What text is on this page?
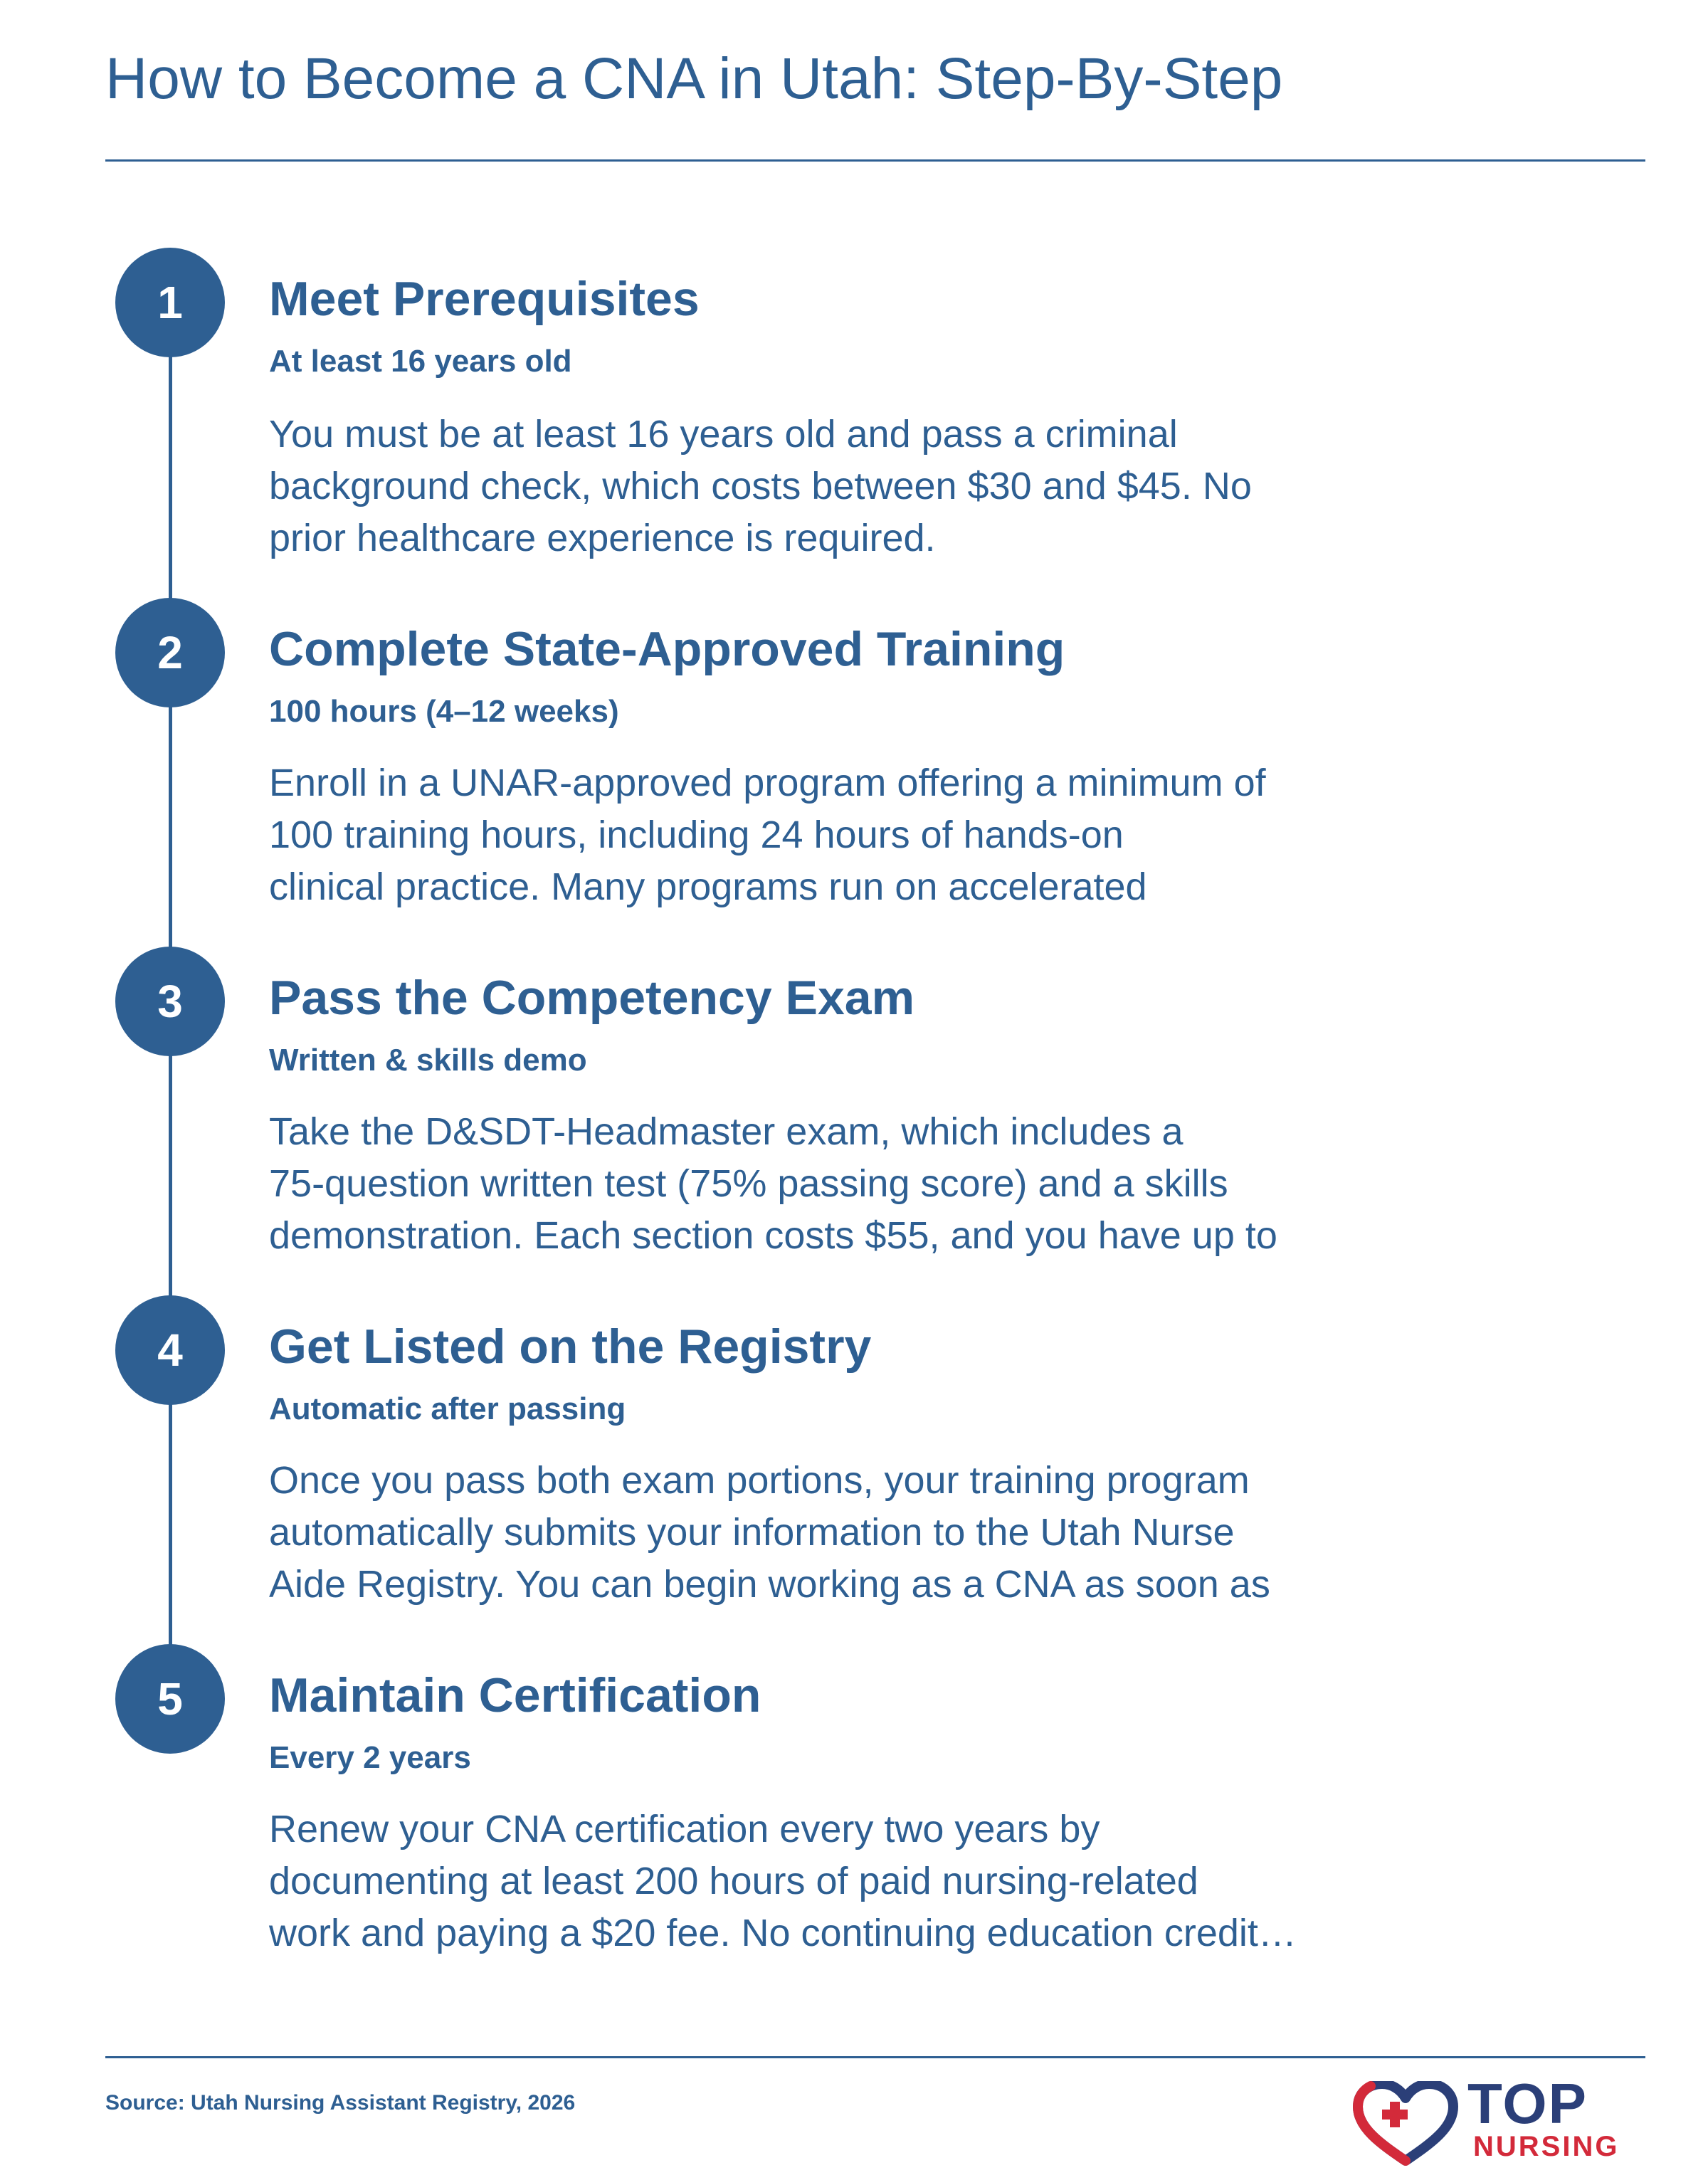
How to Become a CNA in Utah: Step-By-Step
1	Meet Prerequisites
At least 16 years old
You must be at least 16 years old and pass a criminal
background check, which costs between $30 and $45. No
prior healthcare experience is required.
2	Complete State-Approved Training
100 hours (4–12 weeks)
Enroll in a UNAR-approved program offering a minimum of
100 training hours, including 24 hours of hands-on
clinical practice. Many programs run on accelerated
3	Pass the Competency Exam
Written & skills demo
Take the D&SDT-Headmaster exam, which includes a
75-question written test (75% passing score) and a skills
demonstration. Each section costs $55, and you have up to
4	Get Listed on the Registry
Automatic after passing
Once you pass both exam portions, your training program
automatically submits your information to the Utah Nurse
Aide Registry. You can begin working as a CNA as soon as
5	Maintain Certification
Every 2 years
Renew your CNA certification every two years by
documenting at least 200 hours of paid nursing-related
work and paying a $20 fee. No continuing education credit…
Source: Utah Nursing Assistant Registry, 2026	TOP
NURSING
